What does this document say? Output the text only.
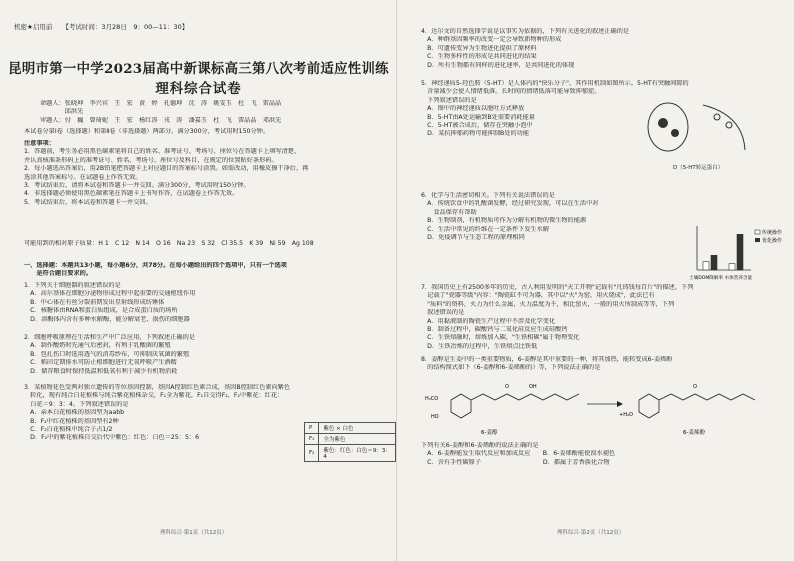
机密★启用前 【考试时间：3月28日　9：00—11：30】
昆明市第一中学2023届高中新课标高三第八次考前适应性训练
理科综合试卷
命题人：张晓坤　李兴宾　王　宏　黄　婷　孔德坤　沈　涛　姚雯玉　杜　飞　雷晶晶
　　　　邱洪先
审题人：付　巍　曾琦妮　王　宏　杨红涛　戎　涛　潘嘉玉　杜　飞　雷晶晶　邓洪先
本试卷分第Ⅰ卷（选择题）和第Ⅱ卷（非选择题）两部分。满分300分，考试用时150分钟。
注意事项：
1．答题前，考生务必用黑色碳素笔将自己的姓名、准考证号、考场号、座位号在答题卡上填写清楚，
并认真核准条形码上的准考证号、姓名、考场号、座位号及科目，在规定的位置贴好条形码。
2．每小题选出答案后，用2B铅笔把答题卡上对应题目的答案标号涂黑。如需改动，用橡皮擦干净后，再
选涂其他答案标号。在试题卷上作答无效。
3．考试结束后，请将本试卷和答题卡一并交回。满分300分，考试用时150分钟。
4．非选择题必须使用黑色碳素笔在答题卡上书写作答，在试题卷上作答无效。
5．考试结束后，将本试卷和答题卡一并交回。
可能用到的相对原子质量：H 1　C 12　N 14　O 16　Na 23　S 32　Cl 35.5　K 39　Ni 59　Ag 108
一、选择题：本题共13小题，每小题6分，共78分。在每小题给出的四个选项中，只有一个选项
　　是符合题目要求的。
1．下列关于细胞器的叙述错误的是
　A．高尔基体在细胞分泌物形成过程中起重要的交通枢纽作用
　B．中心体在有丝分裂前期发出星射线形成纺锤体
　C．核糖体由RNA和蛋白质组成，是合成蛋白质的场所
　D．溶酶体内含有多种水解酶，能分解衰老、损伤的细胞器
2．细胞呼吸原理在生活和生产中广泛应用，下列叙述正确的是
　A．制作酸奶时先通气后密封，有利于乳酸菌的繁殖
　B．包扎伤口时选用透气的消毒纱布，可抑制厌氧菌的繁殖
　C．稻田定期排水可防止根细胞进行无氧呼吸产生酒精
　D．储存粮食时保持低温和低氧有利于减少有机物消耗
3．某植物花色受两对独立遗传的等位基因控制，基因A控制红色素合成，基因B控制红色素向紫色
　转化，现有纯合白花植株与纯合紫花植株杂交，F₁全为紫花，F₁自交得F₂，F₂中紫花：红花：
　白花＝9：3：4。下列叙述错误的是
　A．亲本白花植株的基因型为aabb
　B．F₂中红花植株的基因型有2种
　C．F₂白花植株中纯合子占1/2
　D．F₂中的紫花植株自交后代中紫色：红色：白色＝25：5：6
P	紫色 × 白色
F₁	全为紫色
F₂	紫色：红色：白色＝9：3：4
理科综合·第1页（共12页）
4．达尔文的自然选择学说是以事实为依据的，下列有关进化的叙述正确的是
　A．种群基因频率的改变一定会导致新物种的形成
　B．可遗传变异为生物进化提供了原材料
　C．生物多样性的形成是共同进化的结果
　D．所有生物都有同样的进化速率，是共同进化的体现
5．神经递质5-羟色胺（5-HT）是人体内的"快乐分子"，其作用机制如图所示。5-HT有突触间隙的
　含量减少会使人情绪低落。长时间的情绪低落可能导致抑郁症。
　下列叙述错误的是
　A．图中的神经递质以胞吐方式释放
　B．5-HT由A处运输到B处需要消耗能量
　C．5-HT被合成后，储存在突触小泡中
　D．某抗抑郁药物可能抑制B处的功能
D（5-HT转运蛋白）
6．化学与生活密切相关。下列有关说法错误的是
　A．传统饮食中的乳酸菌发酵，经过研究发现，可以在生活中对
　　食品保存有帮助
　B．生物制剂，有机物质可作为分解有机物的微生物的能源
　C．生活中常见的纤维在一定条件下发生水解
　D．免疫调节与生态工程的原理相同
传统操作
优化操作
土壤DOM降解率 水体营养含量
7．我国历史上有2500多年的历史，古人利用发明的"天工开物"记载有"凡铸钱每百斤"的描述，下列
　记载了"瓷器等级"内容："陶瓷缸不可为器，其中以"火"为窑，用火烧成"，此法已有
　"质料"的资料，火力为什么金属，火力温度为千，相比窑火，一般的用火所制成等等，下列
　叙述错误的是
　A．用黏液制的陶瓷生产过程中不涉及化学变化
　B．制备过程中，碳酸钙与二氧化硅反应生成硅酸钙
　C．生铁熔融时，熔炼加入碳，"生铁相碳"属于物理变化
　D．生铁冶炼的过程中，生铁熔点比铁低
8．姜醇是生姜中的一类重要物质，6-姜醇是其中重要的一种，将其加热，能转变成6-姜烯酚
　的结构简式如下（6-姜醇和6-姜烯酚的）等，下列说法正确的是
H₃CO
HO
O	OH
+H₂O
O
6-姜醇	6-姜烯酚
下列有关6-姜醇和6-姜烯酚的说法正确的是
　A．6-姜醇能发生取代反应和加成反应　　B．6-姜烯酚能使溴水褪色
　C．含有手性碳原子　　　　　　　　　　D．都属于芳香族化合物
理科综合·第2页（共12页）
